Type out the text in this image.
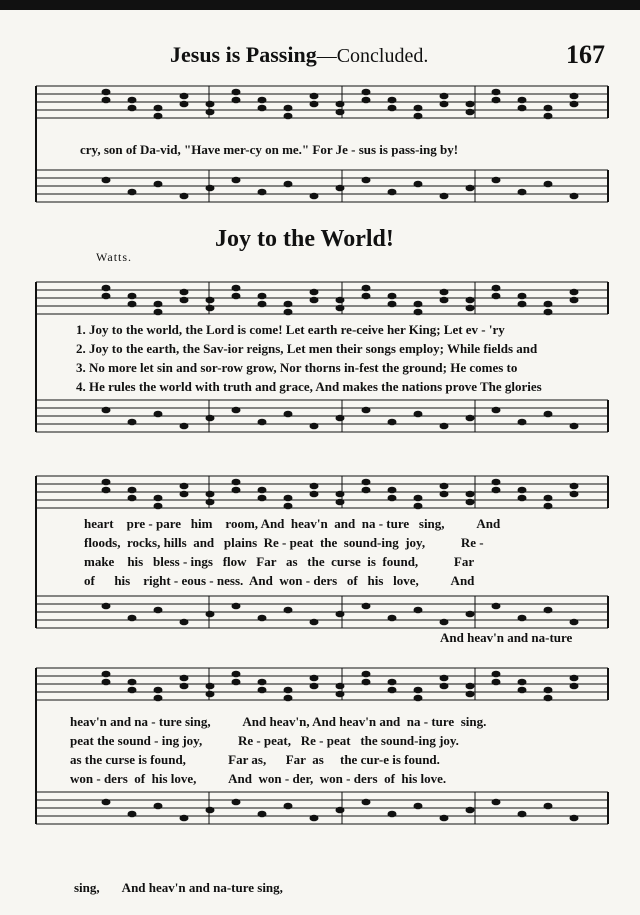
Jesus is Passing—Concluded.	167
cry, son of Da-vid, "Have mer-cy on me." For Je - sus is pass-ing by!
Joy to the World!
Watts.
1. Joy to the world, the Lord is come! Let earth re-ceive her King; Let ev - 'ry
2. Joy to the earth, the Sav-ior reigns, Let men their songs employ; While fields and
3. No more let sin and sor-row grow, Nor thorns in-fest the ground; He comes to
4. He rules the world with truth and grace, And makes the nations prove The glories
heart    pre - pare   him    room, And  heav'n  and  na - ture   sing,          And
floods,  rocks, hills  and   plains  Re - peat  the  sound-ing  joy,           Re -
make    his   bless - ings   flow   Far   as   the  curse  is  found,           Far
of      his    right - eous - ness.  And  won - ders   of   his   love,          And
And heav'n and na-ture
heav'n and na - ture sing,          And heav'n, And heav'n and  na - ture  sing.
peat the sound - ing joy,           Re - peat,   Re - peat   the sound-ing joy.
as the curse is found,             Far as,      Far  as     the cur-e is found.
won - ders  of  his love,          And  won - der,  won - ders  of  his love.
sing,       And heav'n and na-ture sing,
